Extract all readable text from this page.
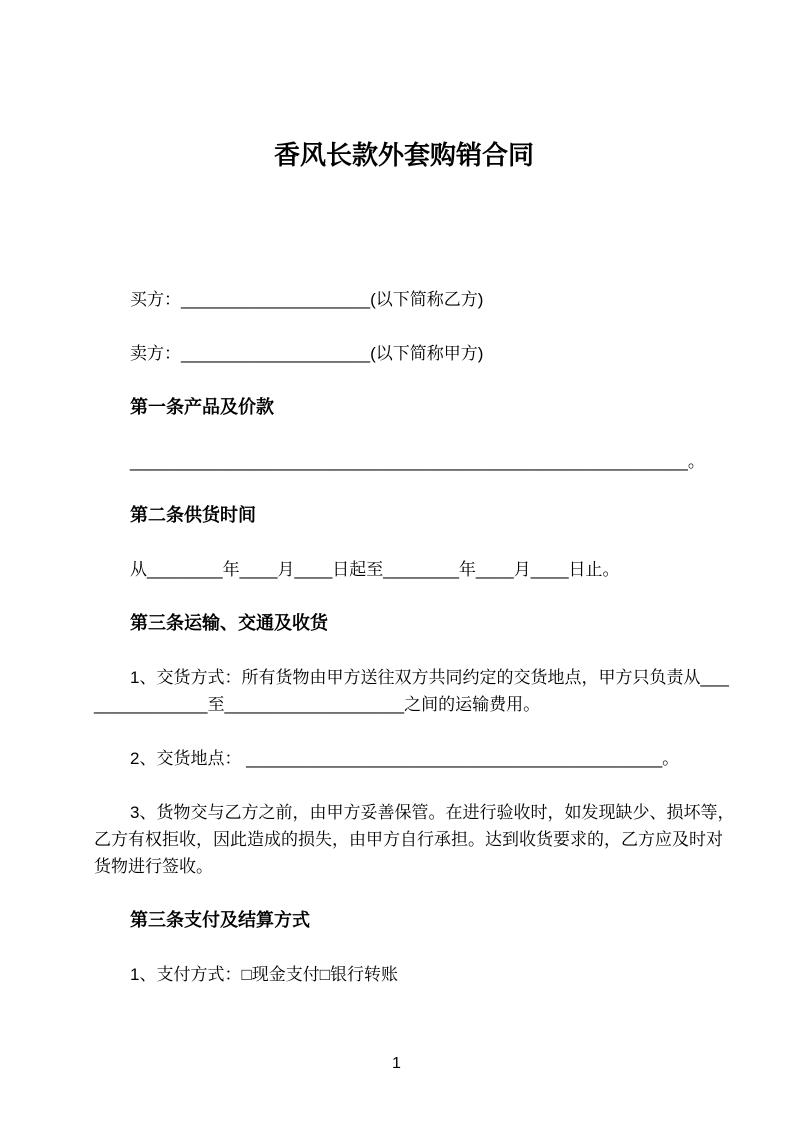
香风长款外套购销合同
买方：____________________(以下简称乙方)
卖方：____________________(以下简称甲方)
第一条产品及价款
___________________________________________________________。
第二条供货时间
从________年____月____日起至________年____月____日止。
第三条运输、交通及收货
1、交货方式：所有货物由甲方送往双方共同约定的交货地点，甲方只负责从___
____________至___________________之间的运输费用。
2、交货地点： ____________________________________________。
3、货物交与乙方之前，由甲方妥善保管。在进行验收时，如发现缺少、损坏等，
乙方有权拒收，因此造成的损失，由甲方自行承担。达到收货要求的，乙方应及时对
货物进行签收。
第三条支付及结算方式
1、支付方式：□现金支付□银行转账
1
